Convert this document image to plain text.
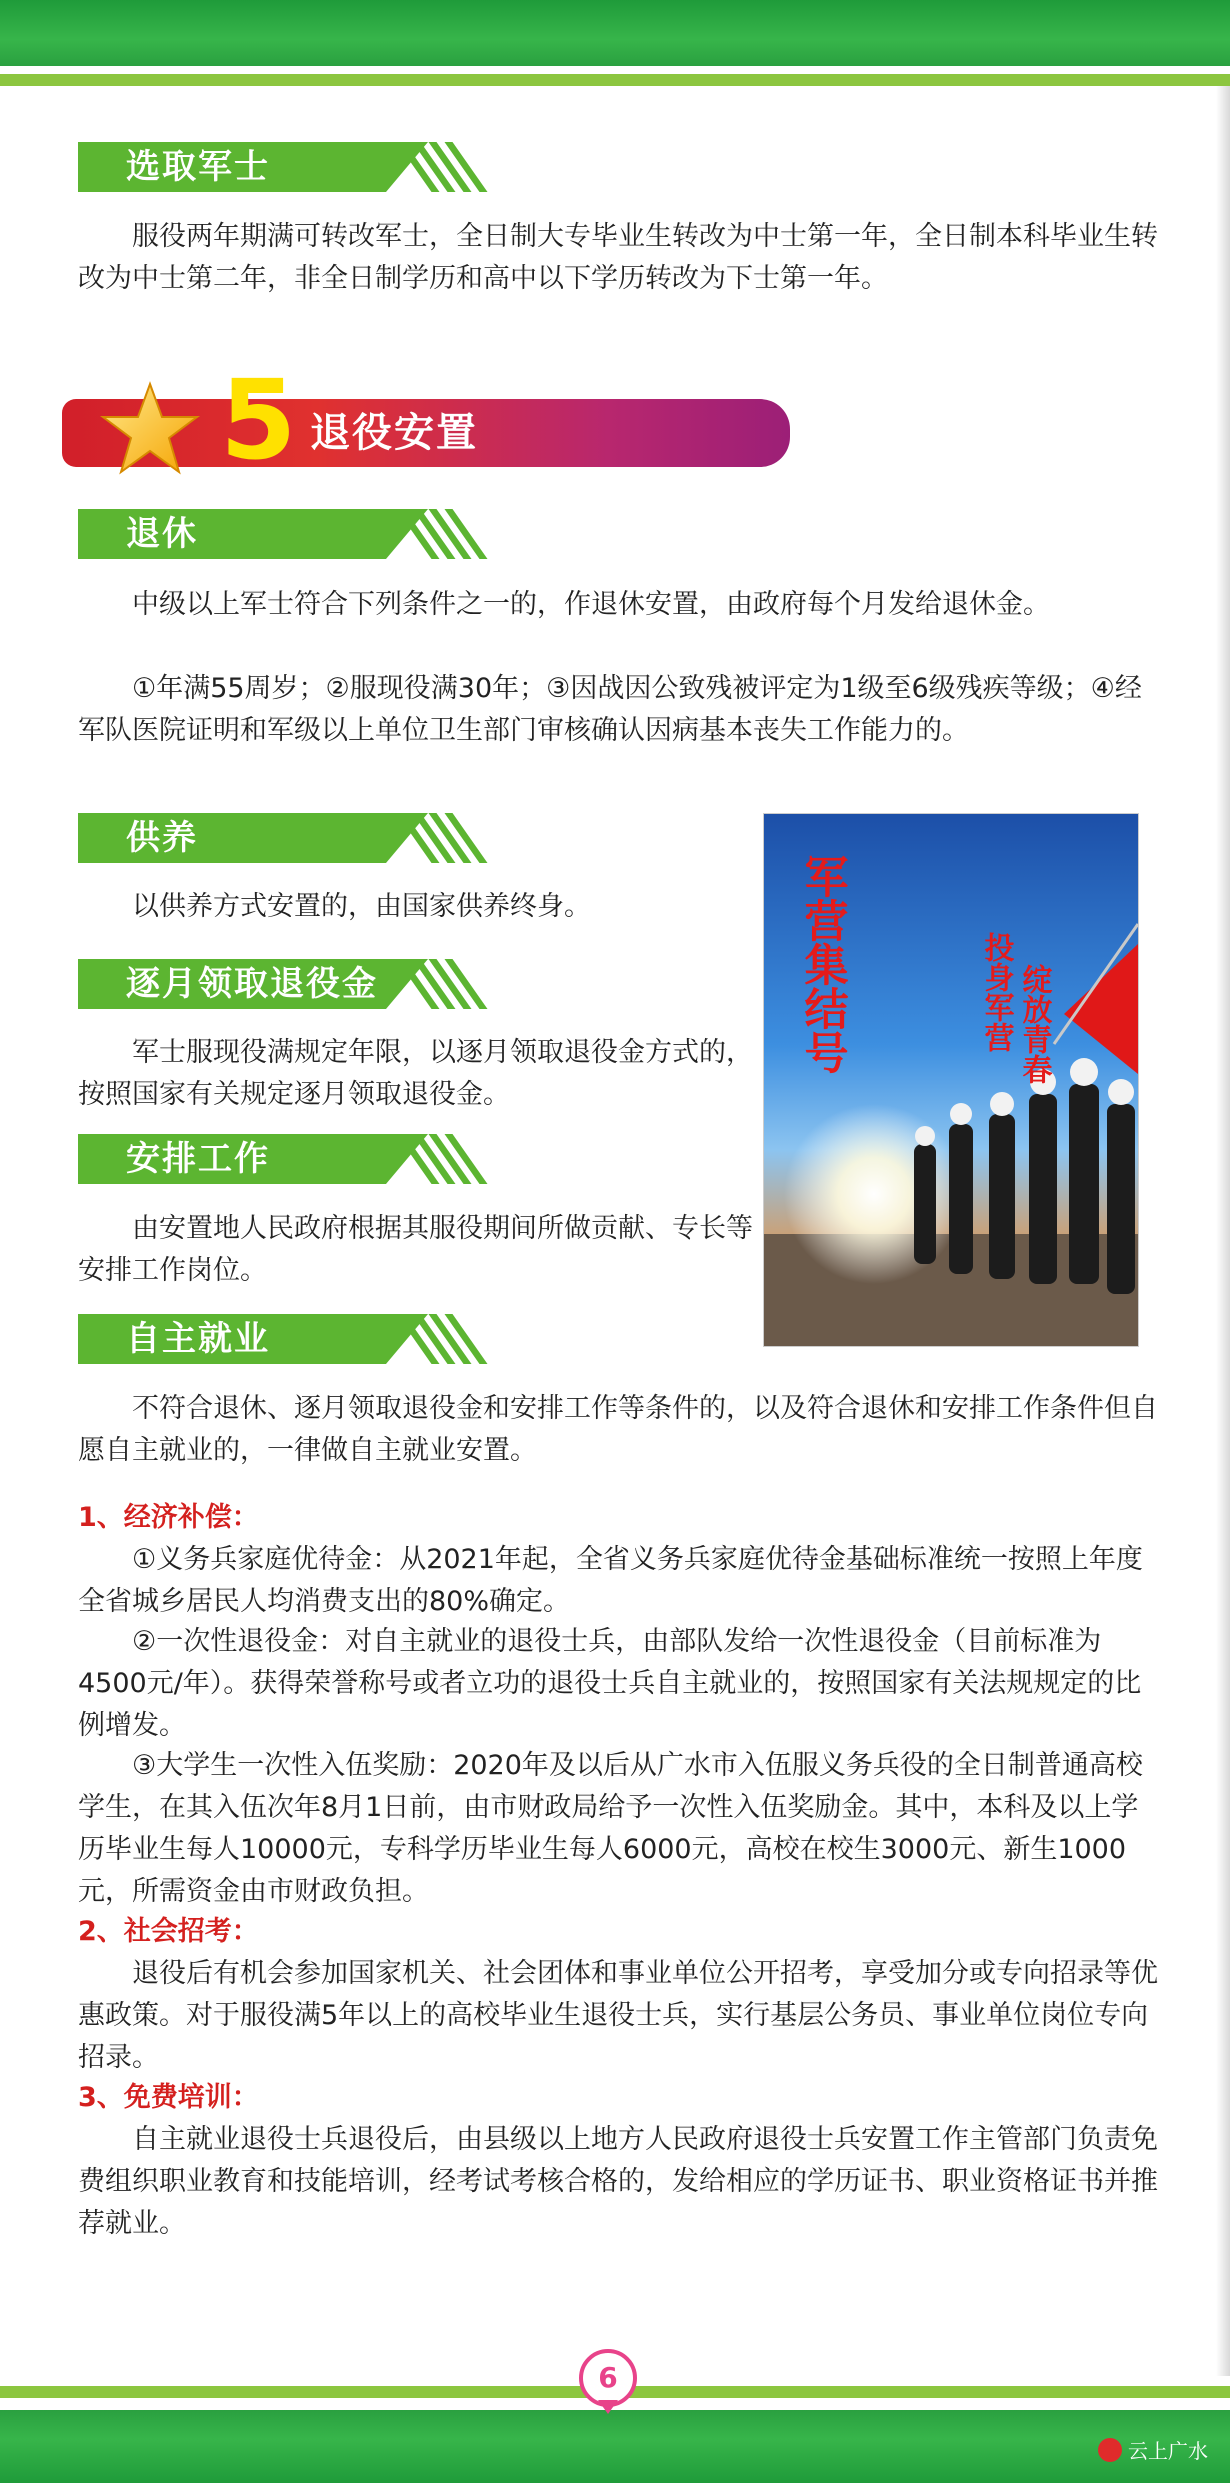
选取军士

服役两年期满可转改军士，全日制大专毕业生转改为中士第一年，全日制本科毕业生转改为中士第二年，非全日制学历和高中以下学历转改为下士第一年。

5 退役安置
退休

中级以上军士符合下列条件之一的，作退休安置，由政府每个月发给退休金。

①年满55周岁；②服现役满30年；③因战因公致残被评定为1级至6级残疾等级；④经军队医院证明和军级以上单位卫生部门审核确认因病基本丧失工作能力的。

供养

以供养方式安置的，由国家供养终身。

逐月领取退役金

军士服现役满规定年限，以逐月领取退役金方式的，按照国家有关规定逐月领取退役金。

安排工作

由安置地人民政府根据其服役期间所做贡献、专长等安排工作岗位。

自主就业

不符合退休、逐月领取退役金和安排工作等条件的，以及符合退休和安排工作条件但自愿自主就业的，一律做自主就业安置。

军营集结号	投身军营 绽放青春
1、经济补偿：

①义务兵家庭优待金：从2021年起，全省义务兵家庭优待金基础标准统一按照上年度全省城乡居民人均消费支出的80%确定。

②一次性退役金：对自主就业的退役士兵，由部队发给一次性退役金（目前标准为4500元/年）。获得荣誉称号或者立功的退役士兵自主就业的，按照国家有关法规规定的比例增发。

③大学生一次性入伍奖励：2020年及以后从广水市入伍服义务兵役的全日制普通高校学生，在其入伍次年8月1日前，由市财政局给予一次性入伍奖励金。其中，本科及以上学历毕业生每人10000元，专科学历毕业生每人6000元，高校在校生3000元、新生1000元，所需资金由市财政负担。

2、社会招考：

退役后有机会参加国家机关、社会团体和事业单位公开招考，享受加分或专向招录等优惠政策。对于服役满5年以上的高校毕业生退役士兵，实行基层公务员、事业单位岗位专向招录。

3、免费培训：

自主就业退役士兵退役后，由县级以上地方人民政府退役士兵安置工作主管部门负责免费组织职业教育和技能培训，经考试考核合格的，发给相应的学历证书、职业资格证书并推荐就业。

6
云上广水
